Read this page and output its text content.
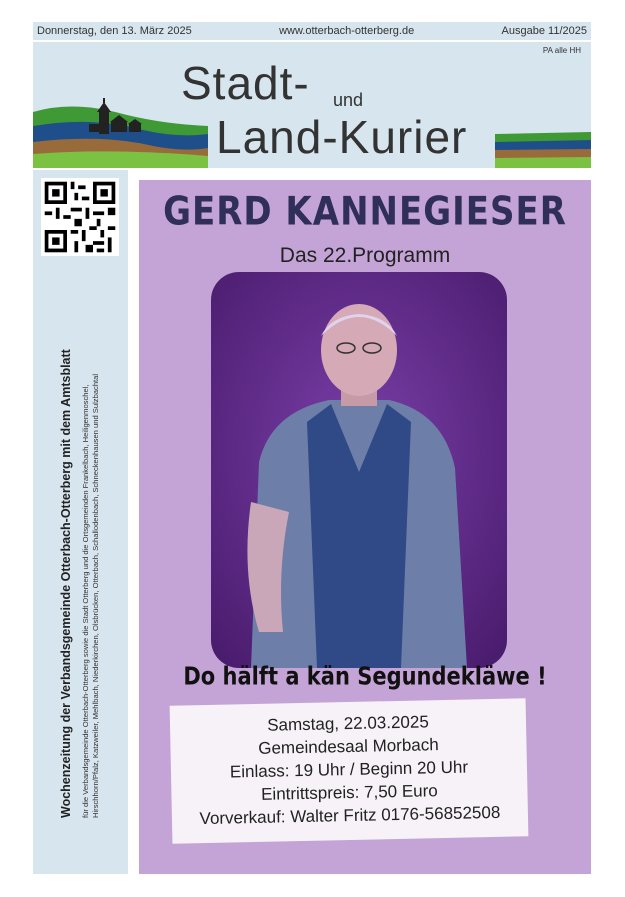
Donnerstag, den 13. März 2025	www.otterbach-otterberg.de	Ausgabe 11/2025
PA alle HH
Stadt- und
Land-Kurier
Wochenzeitung der Verbandsgemeinde Otterbach-Otterberg mit dem Amtsblatt für die Verbandsgemeinde Otterbach-Otterberg sowie die Stadt Otterberg und die Ortsgemeinden Frankelbach, Heiligenmoschel, Hirschhorn/Pfalz, Katzweiler, Mehlbach, Niederkirchen, Olsbrücken, Otterbach, Schallodenbach, Schneckenhausen und Sulzbachtal
GERD KANNEGIESER
Das 22.Programm
Do hälft a kän Segundekläwe !
Samstag, 22.03.2025
Gemeindesaal Morbach
Einlass: 19 Uhr / Beginn 20 Uhr
Eintrittspreis: 7,50 Euro
Vorverkauf: Walter Fritz 0176-56852508
